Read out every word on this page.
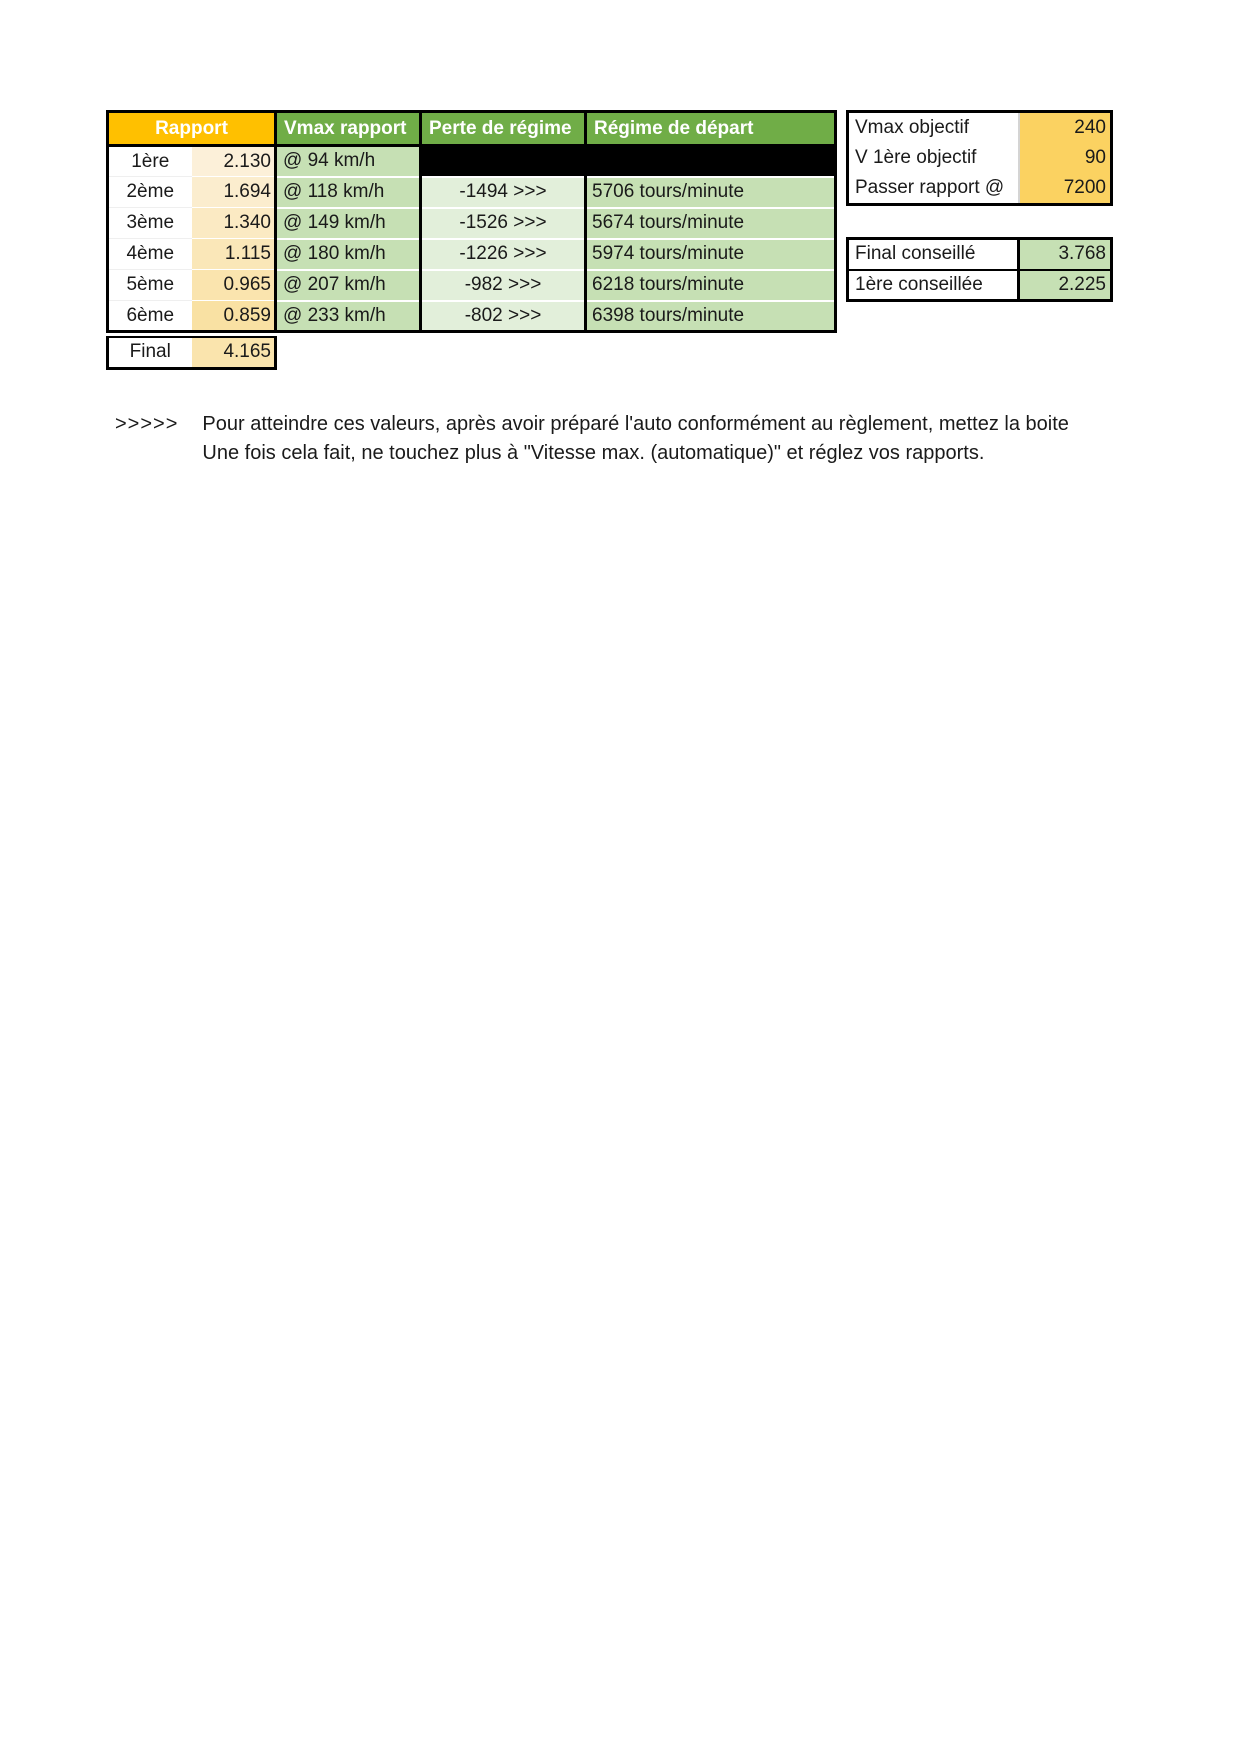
Rapport		Vmax rapport	Perte de régime	Régime de départ
1ère	2.130	@ 94 km/h		
2ème	1.694	@ 118 km/h	-1494 >>>	5706 tours/minute
3ème	1.340	@ 149 km/h	-1526 >>>	5674 tours/minute
4ème	1.115	@ 180 km/h	-1226 >>>	5974 tours/minute
5ème	0.965	@ 207 km/h	-982 >>>	6218 tours/minute
6ème	0.859	@ 233 km/h	-802 >>>	6398 tours/minute
Final	4.165
Vmax objectif	240
V 1ère objectif	90
Passer rapport @	7200
Final conseillé	3.768
1ère conseillée	2.225
>>>>> Pour atteindre ces valeurs, après avoir préparé l'auto conformément au règlement, mettez la boite
Une fois cela fait, ne touchez plus à "Vitesse max. (automatique)" et réglez vos rapports.
